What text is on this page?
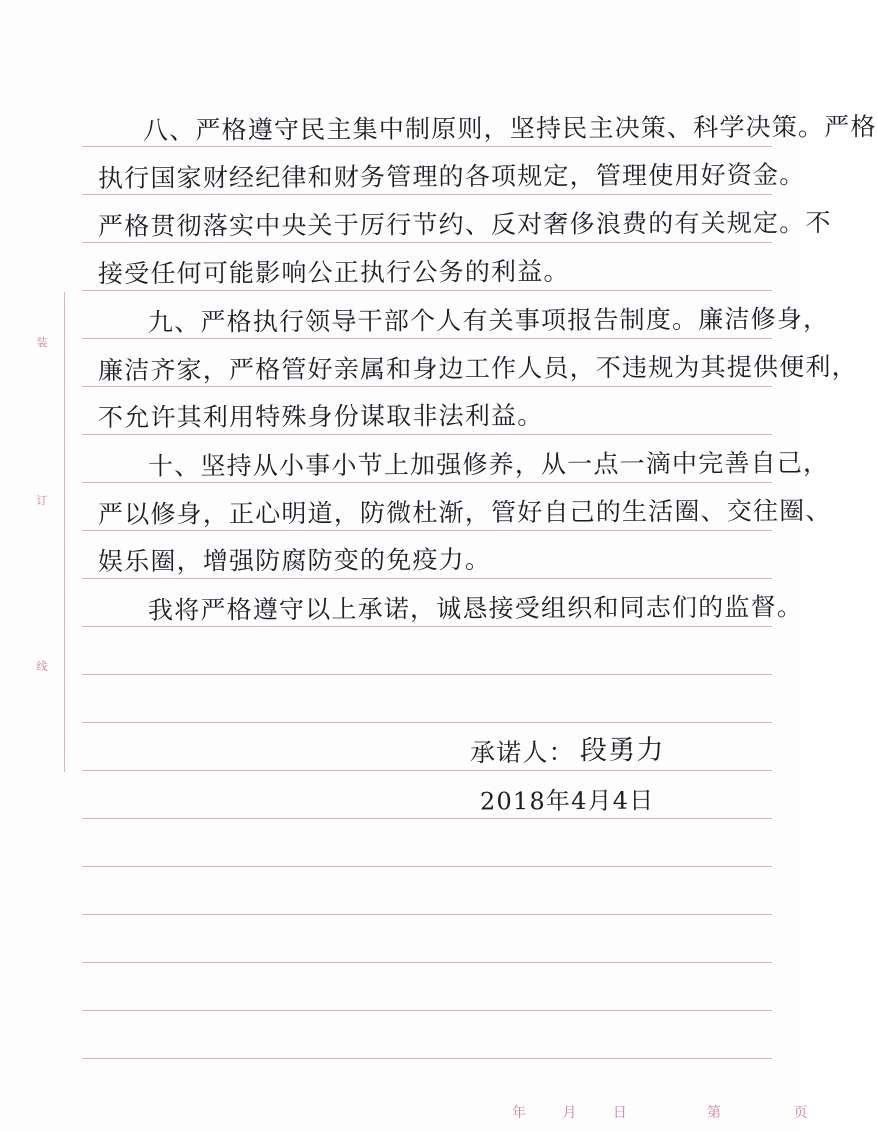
装
订
线
八、严格遵守民主集中制原则，坚持民主决策、科学决策。严格
执行国家财经纪律和财务管理的各项规定，管理使用好资金。
严格贯彻落实中央关于厉行节约、反对奢侈浪费的有关规定。不
接受任何可能影响公正执行公务的利益。
九、严格执行领导干部个人有关事项报告制度。廉洁修身，
廉洁齐家，严格管好亲属和身边工作人员，不违规为其提供便利，
不允许其利用特殊身份谋取非法利益。
十、坚持从小事小节上加强修养，从一点一滴中完善自己，
严以修身，正心明道，防微杜渐，管好自己的生活圈、交往圈、
娱乐圈，增强防腐防变的免疫力。
我将严格遵守以上承诺，诚恳接受组织和同志们的监督。
承诺人： 段勇力
2018年4月4日
年 月 日	第 页
